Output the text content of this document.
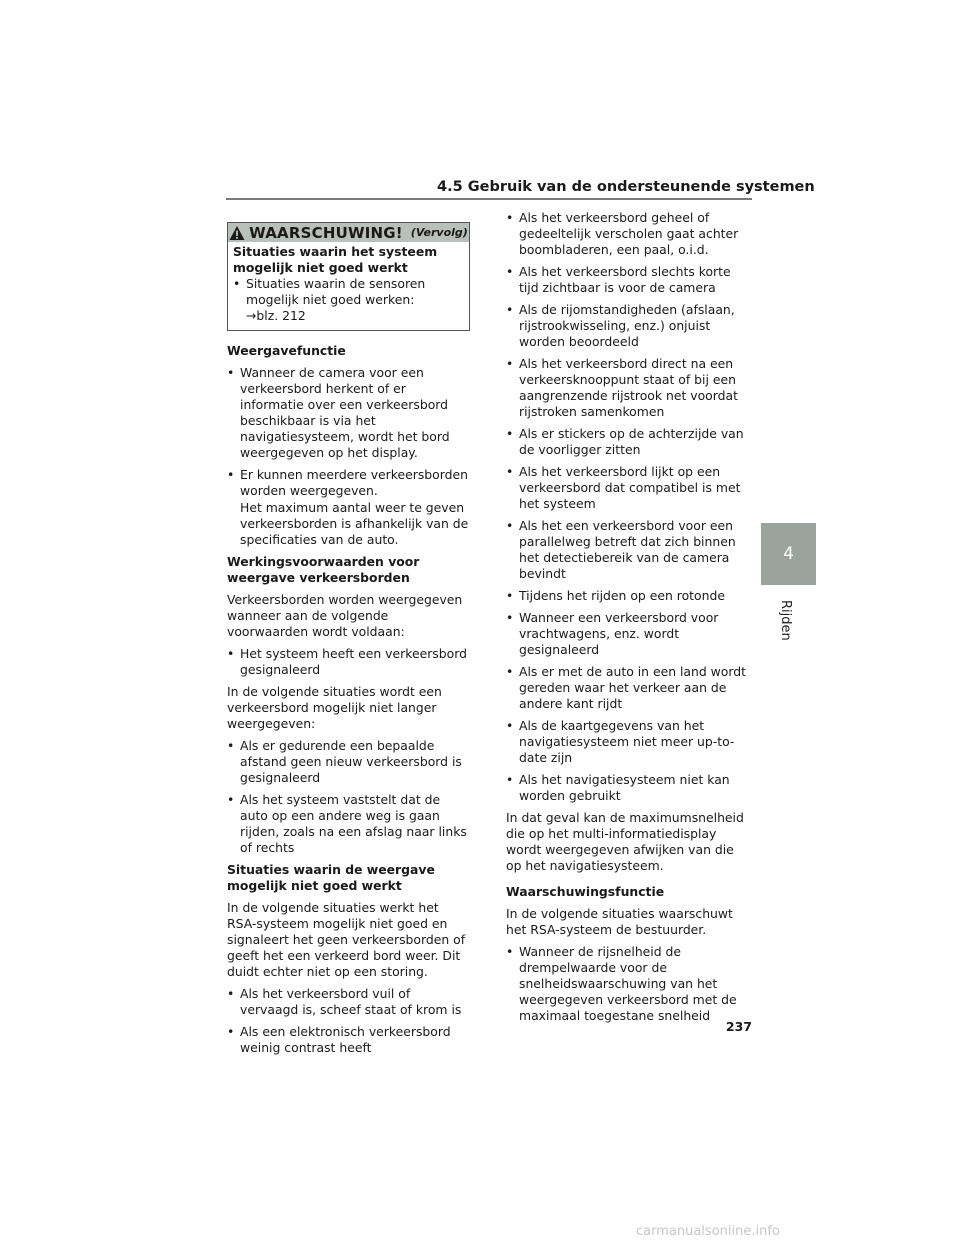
4.5 Gebruik van de ondersteunende systemen
4
Rijden
WAARSCHUWING! (Vervolg)
Situaties waarin het systeem mogelijk niet goed werkt
• Situaties waarin de sensoren mogelijk niet goed werken:
→blz. 212
Weergavefunctie
• Wanneer de camera voor een verkeersbord herkent of er informatie over een verkeersbord beschikbaar is via het navigatiesysteem, wordt het bord weergegeven op het display.
• Er kunnen meerdere verkeersborden worden weergegeven.
Het maximum aantal weer te geven verkeersborden is afhankelijk van de specificaties van de auto.
Werkingsvoorwaarden voor weergave verkeersborden

Verkeersborden worden weergegeven wanneer aan de volgende voorwaarden wordt voldaan:

• Het systeem heeft een verkeersbord gesignaleerd

In de volgende situaties wordt een verkeersbord mogelijk niet langer weergegeven:

• Als er gedurende een bepaalde afstand geen nieuw verkeersbord is gesignaleerd
• Als het systeem vaststelt dat de auto op een andere weg is gaan rijden, zoals na een afslag naar links of rechts
Situaties waarin de weergave mogelijk niet goed werkt

In de volgende situaties werkt het RSA-systeem mogelijk niet goed en signaleert het geen verkeersborden of geeft het een verkeerd bord weer. Dit duidt echter niet op een storing.

• Als het verkeersbord vuil of vervaagd is, scheef staat of krom is
• Als een elektronisch verkeersbord weinig contrast heeft
• Als het verkeersbord geheel of gedeeltelijk verscholen gaat achter boombladeren, een paal, o.i.d.
• Als het verkeersbord slechts korte tijd zichtbaar is voor de camera
• Als de rijomstandigheden (afslaan, rijstrookwisseling, enz.) onjuist worden beoordeeld
• Als het verkeersbord direct na een verkeersknooppunt staat of bij een aangrenzende rijstrook net voordat rijstroken samenkomen
• Als er stickers op de achterzijde van de voorligger zitten
• Als het verkeersbord lijkt op een verkeersbord dat compatibel is met het systeem
• Als het een verkeersbord voor een parallelweg betreft dat zich binnen het detectiebereik van de camera bevindt
• Tijdens het rijden op een rotonde
• Wanneer een verkeersbord voor vrachtwagens, enz. wordt gesignaleerd
• Als er met de auto in een land wordt gereden waar het verkeer aan de andere kant rijdt
• Als de kaartgegevens van het navigatiesysteem niet meer up-to-date zijn
• Als het navigatiesysteem niet kan worden gebruikt

In dat geval kan de maximumsnelheid die op het multi-informatiedisplay wordt weergegeven afwijken van die op het navigatiesysteem.

Waarschuwingsfunctie

In de volgende situaties waarschuwt het RSA-systeem de bestuurder.

• Wanneer de rijsnelheid de drempelwaarde voor de snelheidswaarschuwing van het weergegeven verkeersbord met de maximaal toegestane snelheid
237
carmanualsonline.info
